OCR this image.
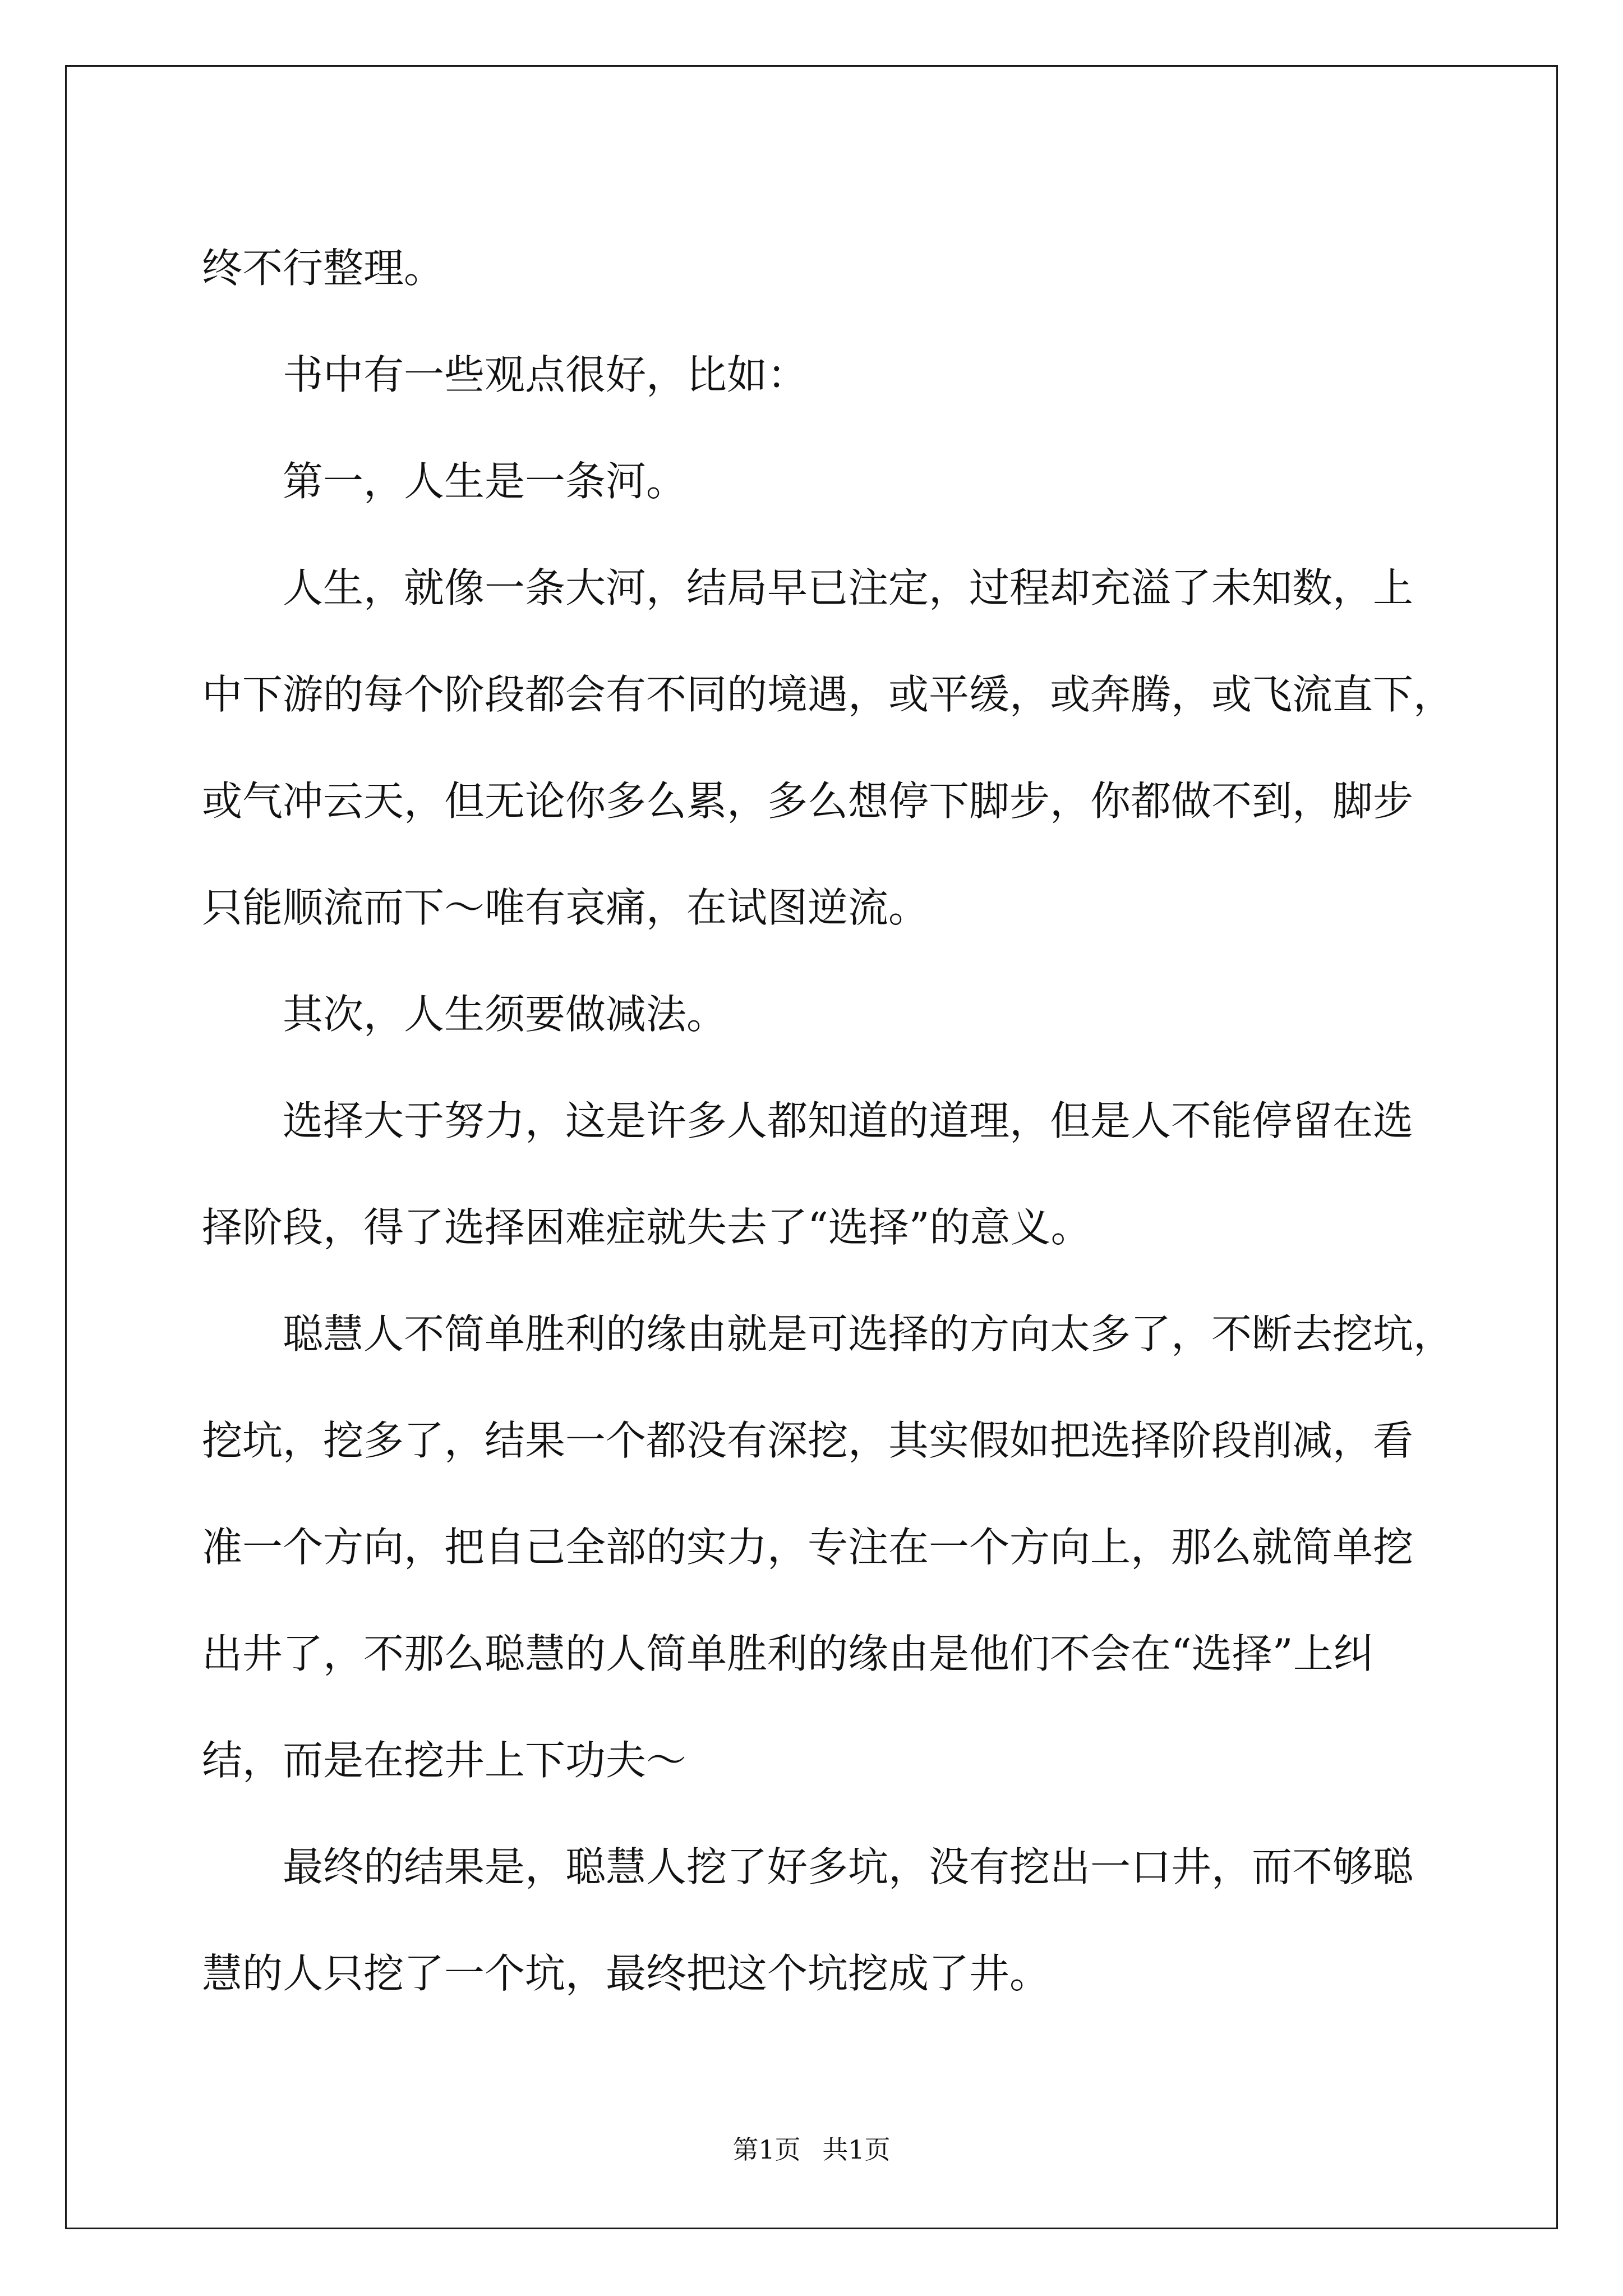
终不行整理。

　　书中有一些观点很好，比如：

　　第一，人生是一条河。

　　人生，就像一条大河，结局早已注定，过程却充溢了未知数，上

中下游的每个阶段都会有不同的境遇，或平缓，或奔腾，或飞流直下，

或气冲云天，但无论你多么累，多么想停下脚步，你都做不到，脚步

只能顺流而下～唯有哀痛，在试图逆流。

　　其次，人生须要做减法。

　　选择大于努力，这是许多人都知道的道理，但是人不能停留在选

择阶段，得了选择困难症就失去了“选择”的意义。

　　聪慧人不简单胜利的缘由就是可选择的方向太多了，不断去挖坑，

挖坑，挖多了，结果一个都没有深挖，其实假如把选择阶段削减，看

准一个方向，把自己全部的实力，专注在一个方向上，那么就简单挖

出井了，不那么聪慧的人简单胜利的缘由是他们不会在“选择”上纠

结，而是在挖井上下功夫～

　　最终的结果是，聪慧人挖了好多坑，没有挖出一口井，而不够聪

慧的人只挖了一个坑，最终把这个坑挖成了井。

第1页 共1页
